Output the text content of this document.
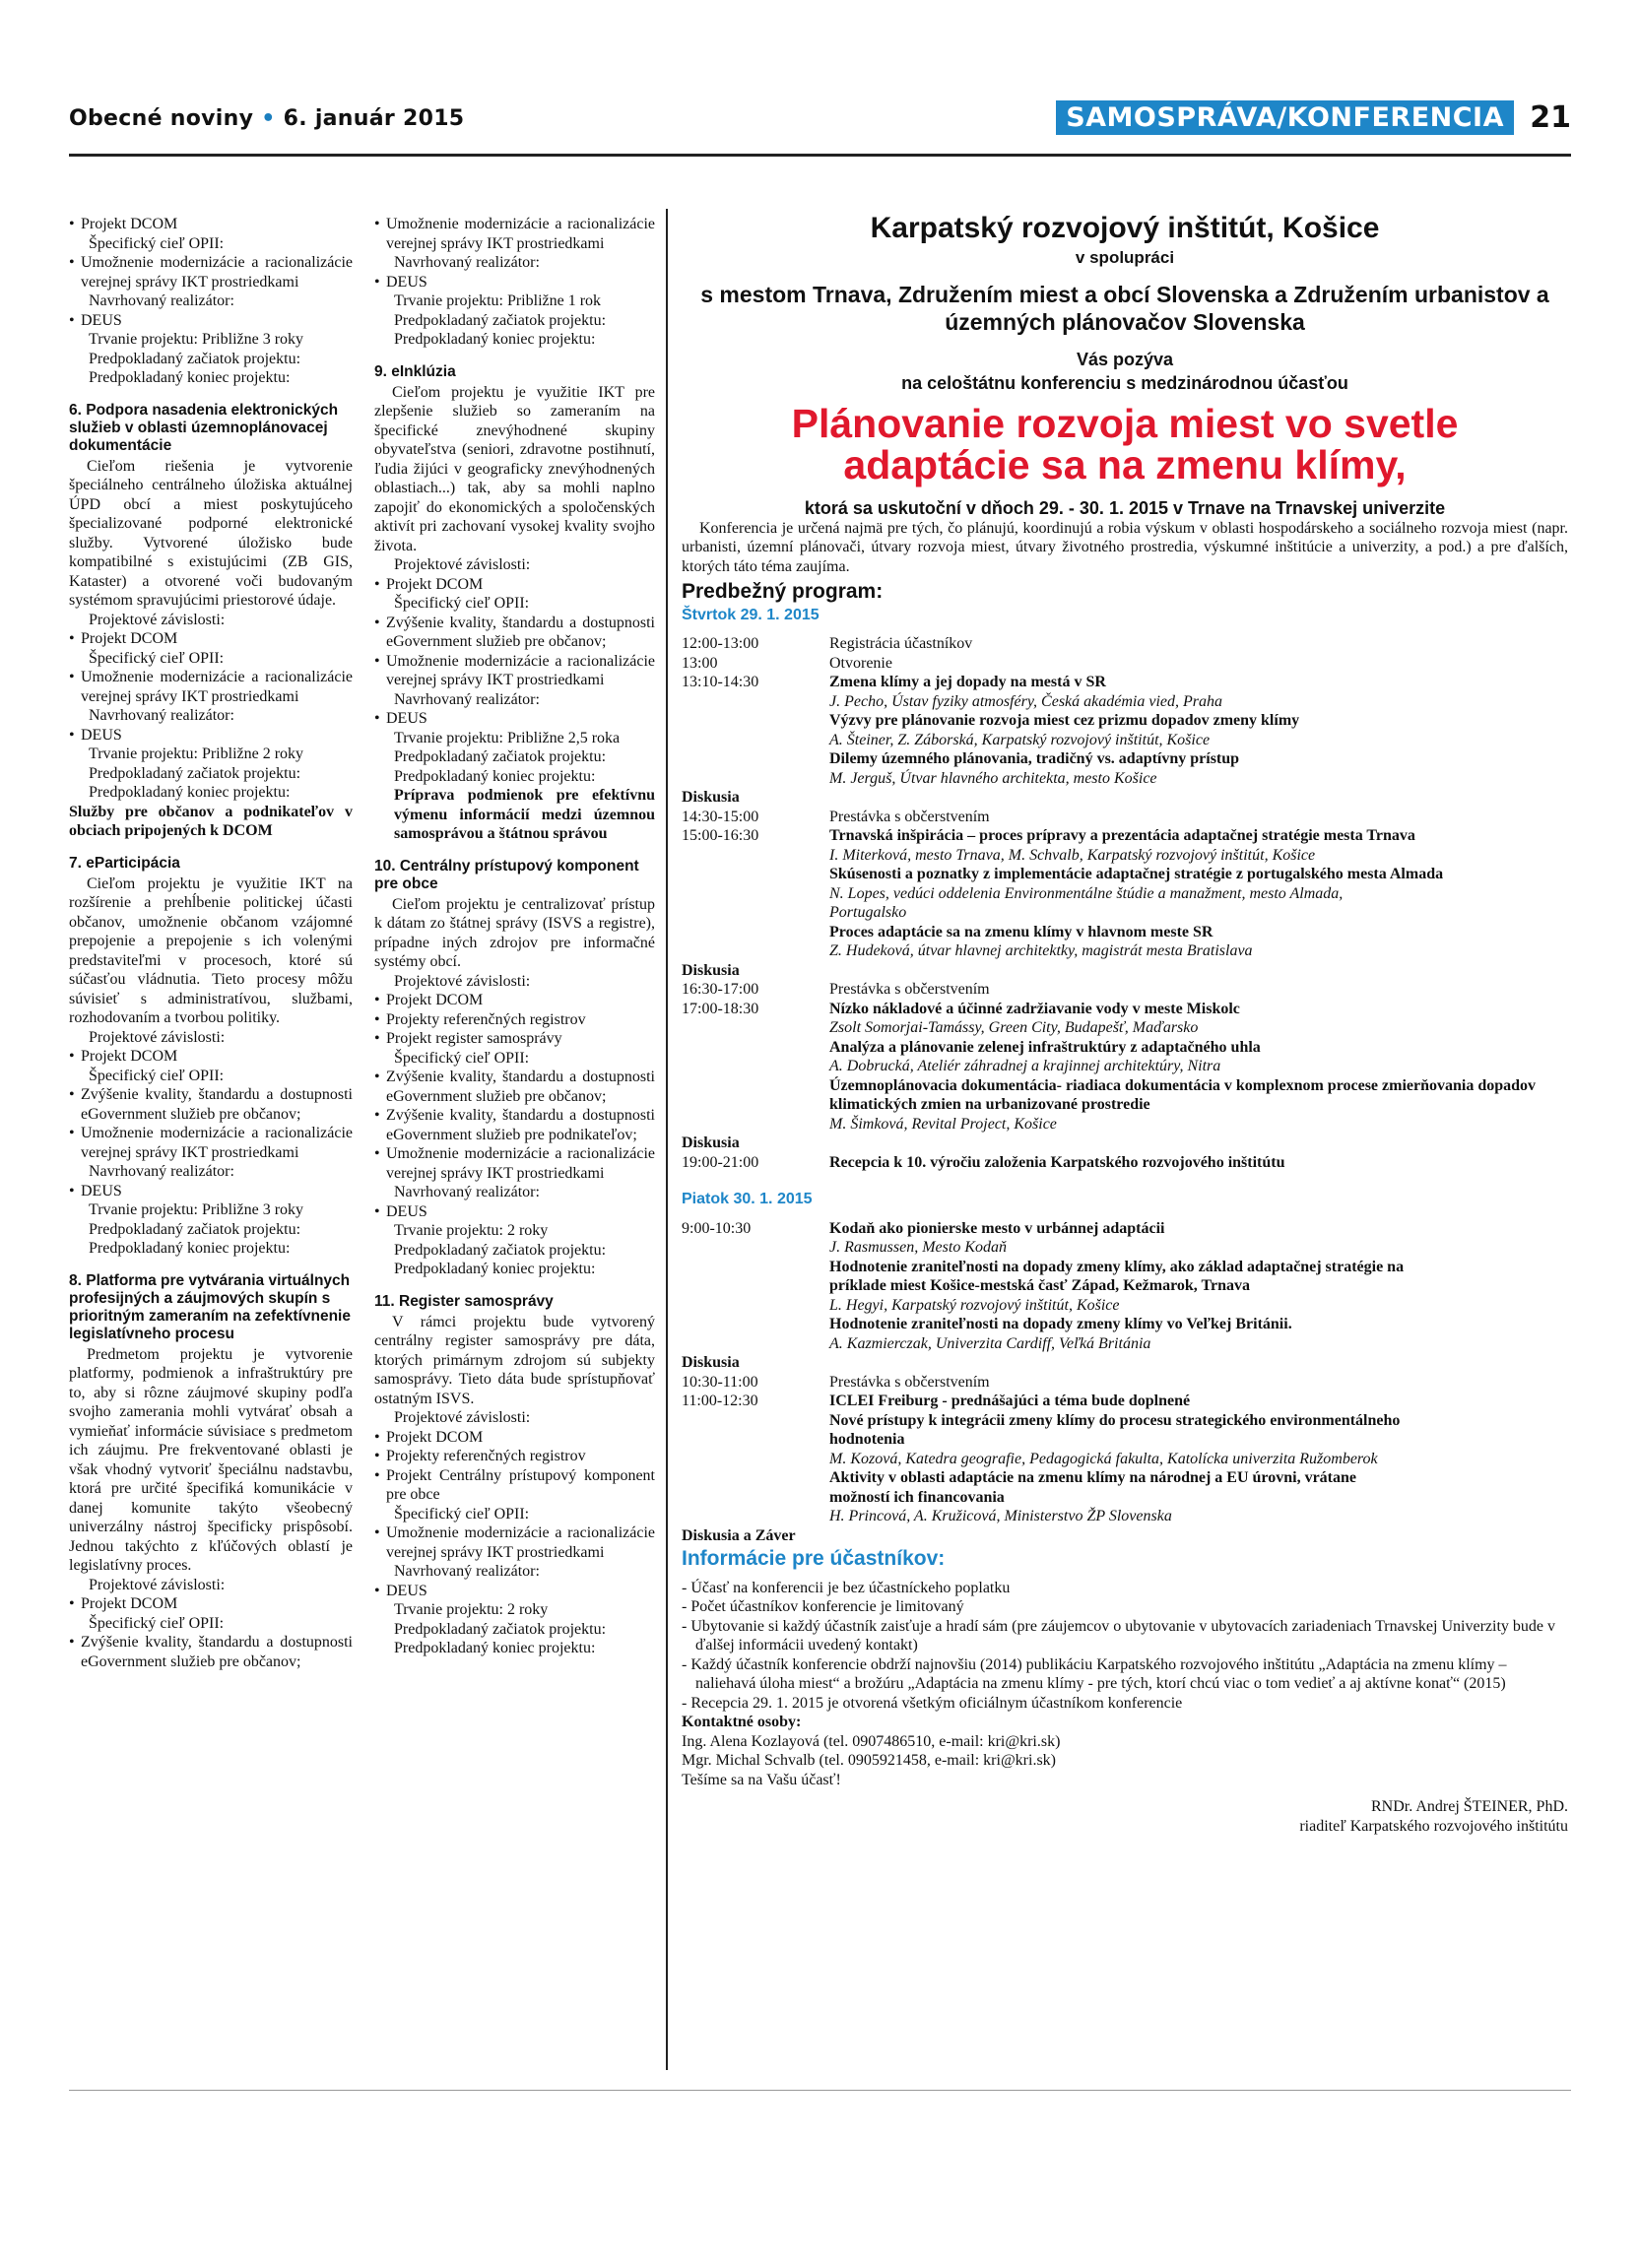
Obecné noviny • 6. január 2015	SAMOSPRÁVA/KONFERENCIA 21
• Projekt DCOM

Špecifický cieľ OPII:

• Umožnenie modernizácie a racionalizácie verejnej správy IKT prostriedkami

Navrhovaný realizátor:

• DEUS

Trvanie projektu: Približne 3 roky

Predpokladaný začiatok projektu:

Predpokladaný koniec projektu:

6. Podpora nasadenia elektronických služieb v oblasti územnoplánovacej dokumentácie

Cieľom riešenia je vytvorenie špeciálneho centrálneho úložiska aktuálnej ÚPD obcí a miest poskytujúceho špecializované podporné elektronické služby. Vytvorené úložisko bude kompatibilné s existujúcimi (ZB GIS, Kataster) a otvorené voči budovaným systémom spravujúcimi priestorové údaje.

Projektové závislosti:

• Projekt DCOM

Špecifický cieľ OPII:

• Umožnenie modernizácie a racionalizácie verejnej správy IKT prostriedkami

Navrhovaný realizátor:

• DEUS

Trvanie projektu: Približne 2 roky

Predpokladaný začiatok projektu:

Predpokladaný koniec projektu:

Služby pre občanov a podnikateľov v obciach pripojených k DCOM

7. eParticipácia

Cieľom projektu je využitie IKT na rozšírenie a prehĺbenie politickej účasti občanov, umožnenie občanom vzájomné prepojenie a prepojenie s ich volenými predstaviteľmi v procesoch, ktoré sú súčasťou vládnutia. Tieto procesy môžu súvisieť s administratívou, službami, rozhodovaním a tvorbou politiky.

Projektové závislosti:

• Projekt DCOM

Špecifický cieľ OPII:

• Zvýšenie kvality, štandardu a dostupnosti eGovernment služieb pre občanov;
• Umožnenie modernizácie a racionalizácie verejnej správy IKT prostriedkami

Navrhovaný realizátor:

• DEUS

Trvanie projektu: Približne 3 roky

Predpokladaný začiatok projektu:

Predpokladaný koniec projektu:

8. Platforma pre vytvárania virtuálnych profesijných a záujmových skupín s prioritným zameraním na zefektívnenie legislatívneho procesu

Predmetom projektu je vytvorenie platformy, podmienok a infraštruktúry pre to, aby si rôzne záujmové skupiny podľa svojho zamerania mohli vytvárať obsah a vymieňať informácie súvisiace s predmetom ich záujmu. Pre frekventované oblasti je však vhodný vytvoriť špeciálnu nadstavbu, ktorá pre určité špecifiká komunikácie v danej komunite takýto všeobecný univerzálny nástroj špecificky prispôsobí. Jednou takýchto z kľúčových oblastí je legislatívny proces.

Projektové závislosti:

• Projekt DCOM

Špecifický cieľ OPII:

• Zvýšenie kvality, štandardu a dostupnosti eGovernment služieb pre občanov;
• Umožnenie modernizácie a racionalizácie verejnej správy IKT prostriedkami

Navrhovaný realizátor:

• DEUS

Trvanie projektu: Približne 1 rok

Predpokladaný začiatok projektu:

Predpokladaný koniec projektu:

9. eInklúzia

Cieľom projektu je využitie IKT pre zlepšenie služieb so zameraním na špecifické znevýhodnené skupiny obyvateľstva (seniori, zdravotne postihnutí, ľudia žijúci v geograficky znevýhodnených oblastiach...) tak, aby sa mohli naplno zapojiť do ekonomických a spoločenských aktivít pri zachovaní vysokej kvality svojho života.

Projektové závislosti:

• Projekt DCOM

Špecifický cieľ OPII:

• Zvýšenie kvality, štandardu a dostupnosti eGovernment služieb pre občanov;
• Umožnenie modernizácie a racionalizácie verejnej správy IKT prostriedkami

Navrhovaný realizátor:

• DEUS

Trvanie projektu: Približne 2,5 roka

Predpokladaný začiatok projektu:

Predpokladaný koniec projektu:

Príprava podmienok pre efektívnu výmenu informácií medzi územnou samosprávou a štátnou správou

10. Centrálny prístupový komponent pre obce

Cieľom projektu je centralizovať prístup k dátam zo štátnej správy (ISVS a registre), prípadne iných zdrojov pre informačné systémy obcí.

Projektové závislosti:

• Projekt DCOM
• Projekty referenčných registrov
• Projekt register samosprávy

Špecifický cieľ OPII:

• Zvýšenie kvality, štandardu a dostupnosti eGovernment služieb pre občanov;
• Zvýšenie kvality, štandardu a dostupnosti eGovernment služieb pre podnikateľov;
• Umožnenie modernizácie a racionalizácie verejnej správy IKT prostriedkami

Navrhovaný realizátor:

• DEUS

Trvanie projektu: 2 roky

Predpokladaný začiatok projektu:

Predpokladaný koniec projektu:

11. Register samosprávy

V rámci projektu bude vytvorený centrálny register samosprávy pre dáta, ktorých primárnym zdrojom sú subjekty samosprávy. Tieto dáta bude sprístupňovať ostatným ISVS.

Projektové závislosti:

• Projekt DCOM
• Projekty referenčných registrov
• Projekt Centrálny prístupový komponent pre obce

Špecifický cieľ OPII:

• Umožnenie modernizácie a racionalizácie verejnej správy IKT prostriedkami

Navrhovaný realizátor:

• DEUS

Trvanie projektu: 2 roky

Predpokladaný začiatok projektu:

Predpokladaný koniec projektu:

Karpatský rozvojový inštitút, Košice
v spolupráci
s mestom Trnava, Združením miest a obcí Slovenska a Združením urbanistov a územných plánovačov Slovenska
Vás pozýva
na celoštátnu konferenciu s medzinárodnou účasťou
Plánovanie rozvoja miest vo svetle
adaptácie sa na zmenu klímy,
ktorá sa uskutoční v dňoch 29. - 30. 1. 2015 v Trnave na Trnavskej univerzite

Konferencia je určená najmä pre tých, čo plánujú, koordinujú a robia výskum v oblasti hospodárskeho a sociálneho rozvoja miest (napr. urbanisti, územní plánovači, útvary rozvoja miest, útvary životného prostredia, výskumné inštitúcie a univerzity, a pod.) a pre ďalších, ktorých táto téma zaujíma.

Predbežný program:
Štvrtok 29. 1. 2015
12:00-13:00	Registrácia účastníkov
13:00	Otvorenie
13:10-14:30	Zmena klímy a jej dopady na mestá v SR
J. Pecho, Ústav fyziky atmosféry, Česká akadémia vied, Praha
Výzvy pre plánovanie rozvoja miest cez prizmu dopadov zmeny klímy
A. Šteiner, Z. Záborská, Karpatský rozvojový inštitút, Košice
Dilemy územného plánovania, tradičný vs. adaptívny prístup
M. Jerguš, Útvar hlavného architekta, mesto Košice
Diskusia
14:30-15:00	Prestávka s občerstvením
15:00-16:30	Trnavská inšpirácia – proces prípravy a prezentácia adaptačnej stratégie mesta Trnava
I. Miterková, mesto Trnava, M. Schvalb, Karpatský rozvojový inštitút, Košice
Skúsenosti a poznatky z implementácie adaptačnej stratégie z portugalského mesta Almada
N. Lopes, vedúci oddelenia Environmentálne štúdie a manažment, mesto Almada, Portugalsko
Proces adaptácie sa na zmenu klímy v hlavnom meste SR
Z. Hudeková, útvar hlavnej architektky, magistrát mesta Bratislava
Diskusia
16:30-17:00	Prestávka s občerstvením
17:00-18:30	Nízko nákladové a účinné zadržiavanie vody v meste Miskolc
Zsolt Somorjai-Tamássy, Green City, Budapešť, Maďarsko
Analýza a plánovanie zelenej infraštruktúry z adaptačného uhla
A. Dobrucká, Ateliér záhradnej a krajinnej architektúry, Nitra
Územnoplánovacia dokumentácia- riadiaca dokumentácia v komplexnom procese zmierňovania dopadov klimatických zmien na urbanizované prostredie
M. Šimková, Revital Project, Košice
Diskusia
19:00-21:00	Recepcia k 10. výročiu založenia Karpatského rozvojového inštitútu
Piatok 30. 1. 2015
9:00-10:30	Kodaň ako pionierske mesto v urbánnej adaptácii
J. Rasmussen, Mesto Kodaň
Hodnotenie zraniteľnosti na dopady zmeny klímy, ako základ adaptačnej stratégie na príklade miest Košice-mestská časť Západ, Kežmarok, Trnava
L. Hegyi, Karpatský rozvojový inštitút, Košice
Hodnotenie zraniteľnosti na dopady zmeny klímy vo Veľkej Británii.
A. Kazmierczak, Univerzita Cardiff, Veľká Británia
Diskusia
10:30-11:00	Prestávka s občerstvením
11:00-12:30	ICLEI Freiburg - prednášajúci a téma bude doplnené
Nové prístupy k integrácii zmeny klímy do procesu strategického environmentálneho hodnotenia
M. Kozová, Katedra geografie, Pedagogická fakulta, Katolícka univerzita Ružomberok
Aktivity v oblasti adaptácie na zmenu klímy na národnej a EU úrovni, vrátane možností ich financovania
H. Princová, A. Kružicová, Ministerstvo ŽP Slovenska
Diskusia a Záver
Informácie pre účastníkov:
- Účasť na konferencii je bez účastníckeho poplatku
- Počet účastníkov konferencie je limitovaný
- Ubytovanie si každý účastník zaisťuje a hradí sám (pre záujemcov o ubytovanie v ubytovacích zariadeniach Trnavskej Univerzity bude v ďalšej informácii uvedený kontakt)
- Každý účastník konferencie obdrží najnovšiu (2014) publikáciu Karpatského rozvojového inštitútu „Adaptácia na zmenu klímy – naliehavá úloha miest“ a brožúru „Adaptácia na zmenu klímy - pre tých, ktorí chcú viac o tom vedieť a aj aktívne konať“ (2015)
- Recepcia 29. 1. 2015 je otvorená všetkým oficiálnym účastníkom konferencie
Kontaktné osoby:
Ing. Alena Kozlayová (tel. 0907486510, e-mail: kri@kri.sk)
Mgr. Michal Schvalb (tel. 0905921458, e-mail: kri@kri.sk)
Tešíme sa na Vašu účasť!
RNDr. Andrej ŠTEINER, PhD.
riaditeľ Karpatského rozvojového inštitútu
